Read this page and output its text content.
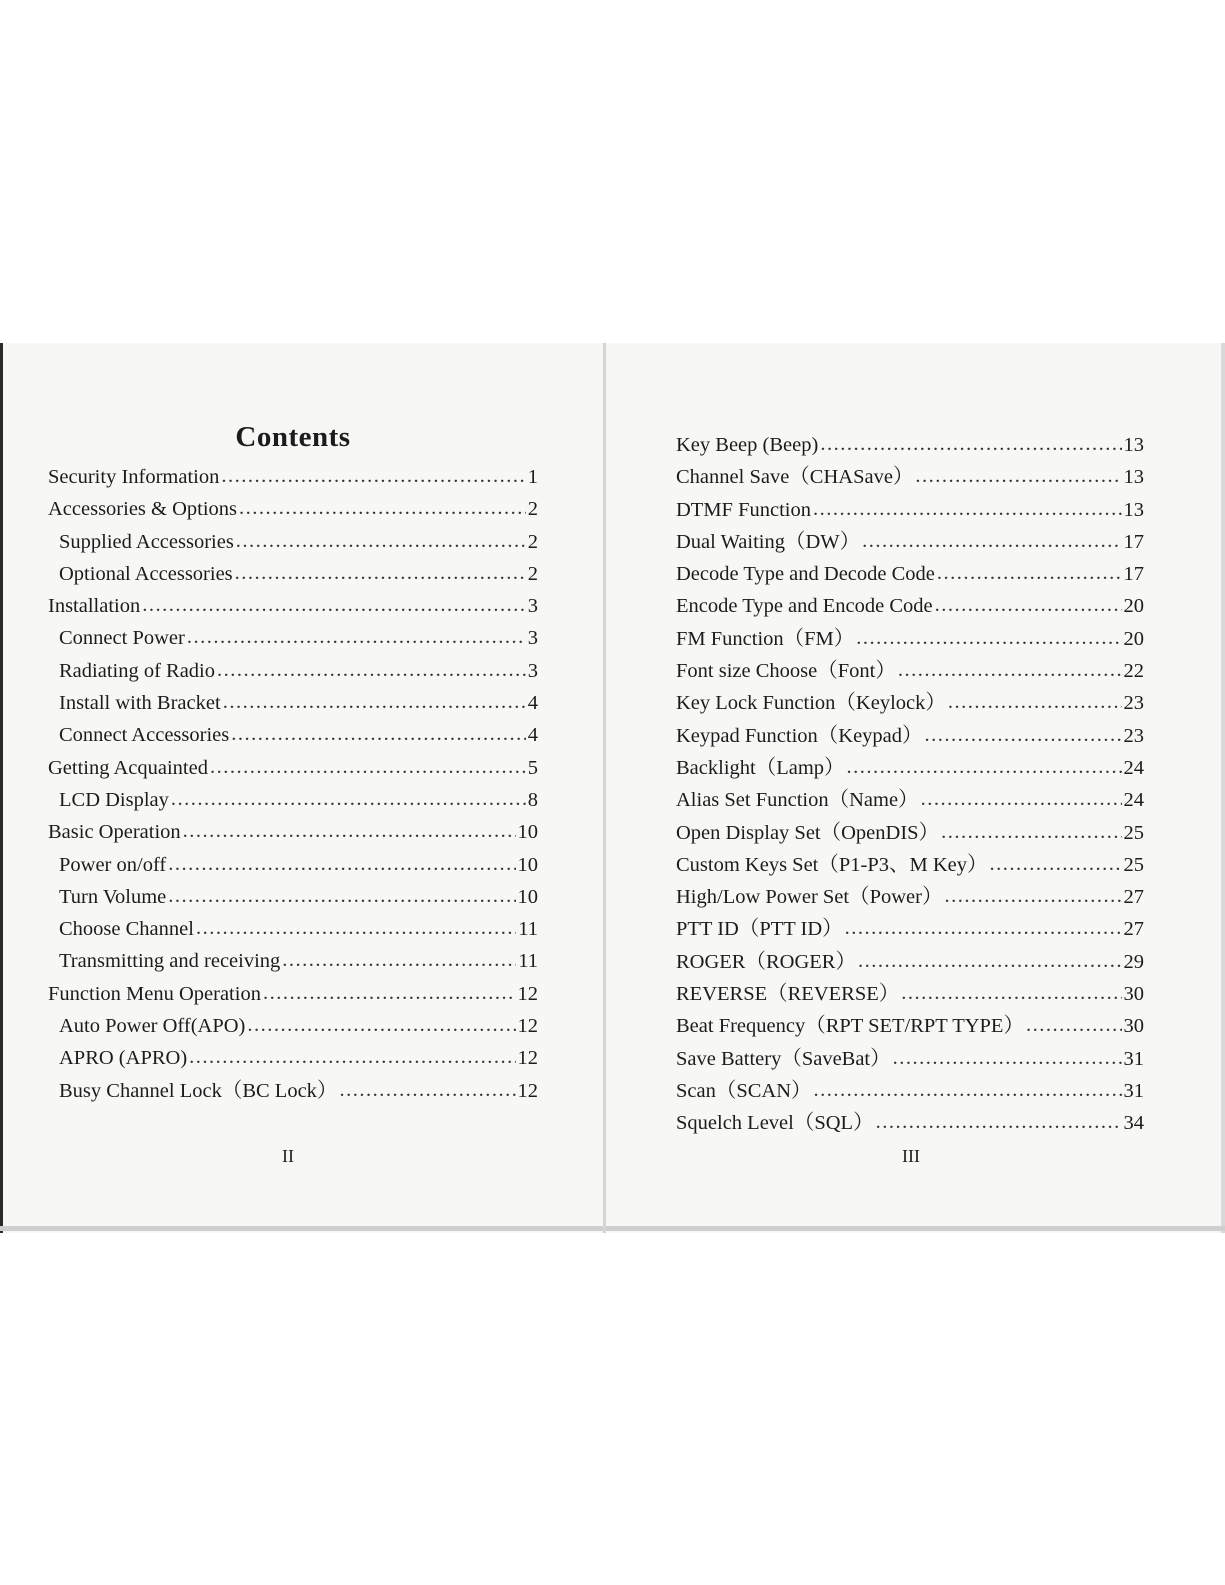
Contents
Security Information .....	1
Accessories & Options .....	2
Supplied Accessories .....	2
Optional Accessories .....	2
Installation .....	3
Connect Power .....	3
Radiating of Radio .....	3
Install with Bracket .....	4
Connect Accessories .....	4
Getting Acquainted .....	5
LCD Display .....	8
Basic Operation .....	10
Power on/off .....	10
Turn Volume .....	10
Choose Channel .....	11
Transmitting and receiving .....	11
Function Menu Operation .....	12
Auto Power Off(APO) .....	12
APRO (APRO) .....	12
Busy Channel Lock（BC Lock） .....	12
II
Key Beep (Beep) .....	13
Channel Save（CHASave） .....	13
DTMF Function .....	13
Dual Waiting（DW） .....	17
Decode Type and Decode Code .....	17
Encode Type and Encode Code .....	20
FM Function（FM） .....	20
Font size Choose（Font） .....	22
Key Lock Function（Keylock） .....	23
Keypad Function（Keypad） .....	23
Backlight（Lamp） .....	24
Alias Set Function（Name） .....	24
Open Display Set（OpenDIS） .....	25
Custom Keys Set（P1-P3、M Key） .....	25
High/Low Power Set（Power） .....	27
PTT ID（PTT ID） .....	27
ROGER（ROGER） .....	29
REVERSE（REVERSE） .....	30
Beat Frequency（RPT SET/RPT TYPE） .....	30
Save Battery（SaveBat） .....	31
Scan（SCAN） .....	31
Squelch Level（SQL） .....	34
III
